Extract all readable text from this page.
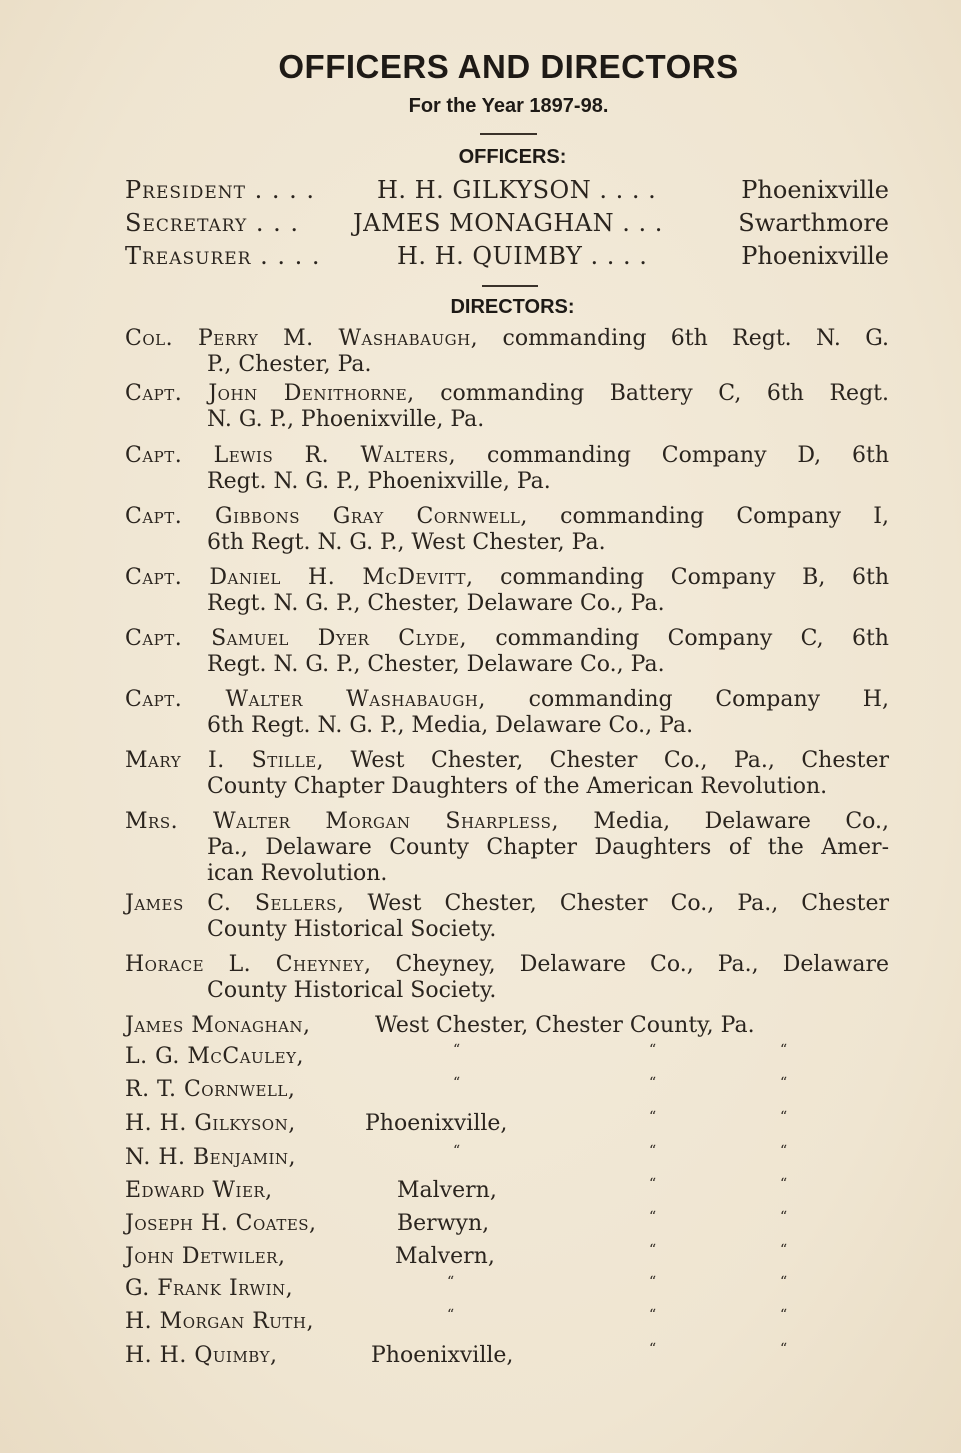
OFFICERS AND DIRECTORS
For the Year 1897-98.
OFFICERS:
President . . . .	H. H. GILKYSON . . . .	Phoenixville
Secretary . . . JAMES MONAGHAN . . .	Swarthmore
Treasurer . . . .	H. H. QUIMBY . . . .	Phoenixville
DIRECTORS:
Col. Perry M. Washabaugh, commanding 6th Regt. N. G.
P., Chester, Pa.
Capt. John Denithorne, commanding Battery C, 6th Regt.
N. G. P., Phoenixville, Pa.
Capt. Lewis R. Walters, commanding Company D, 6th
Regt. N. G. P., Phoenixville, Pa.
Capt. Gibbons Gray Cornwell, commanding Company I,
6th Regt. N. G. P., West Chester, Pa.
Capt. Daniel H. McDevitt, commanding Company B, 6th
Regt. N. G. P., Chester, Delaware Co., Pa.
Capt. Samuel Dyer Clyde, commanding Company C, 6th
Regt. N. G. P., Chester, Delaware Co., Pa.
Capt. Walter Washabaugh, commanding Company H,
6th Regt. N. G. P., Media, Delaware Co., Pa.
Mary I. Stille, West Chester, Chester Co., Pa., Chester
County Chapter Daughters of the American Revolution.
Mrs. Walter Morgan Sharpless, Media, Delaware Co.,
Pa., Delaware County Chapter Daughters of the Amer-
ican Revolution.
James C. Sellers, West Chester, Chester Co., Pa., Chester
County Historical Society.
Horace L. Cheyney, Cheyney, Delaware Co., Pa., Delaware
County Historical Society.
James Monaghan,	West Chester, Chester County, Pa.
L. G. McCauley,	“	“	“
R. T. Cornwell,	“	“	“
H. H. Gilkyson,	Phoenixville,	“	“
N. H. Benjamin,	“	“	“
Edward Wier,	Malvern,	“	“
Joseph H. Coates,	Berwyn,	“	“
John Detwiler,	Malvern,	“	“
G. Frank Irwin,	“	“	“
H. Morgan Ruth,	“	“	“
H. H. Quimby,	Phoenixville,	“	“
